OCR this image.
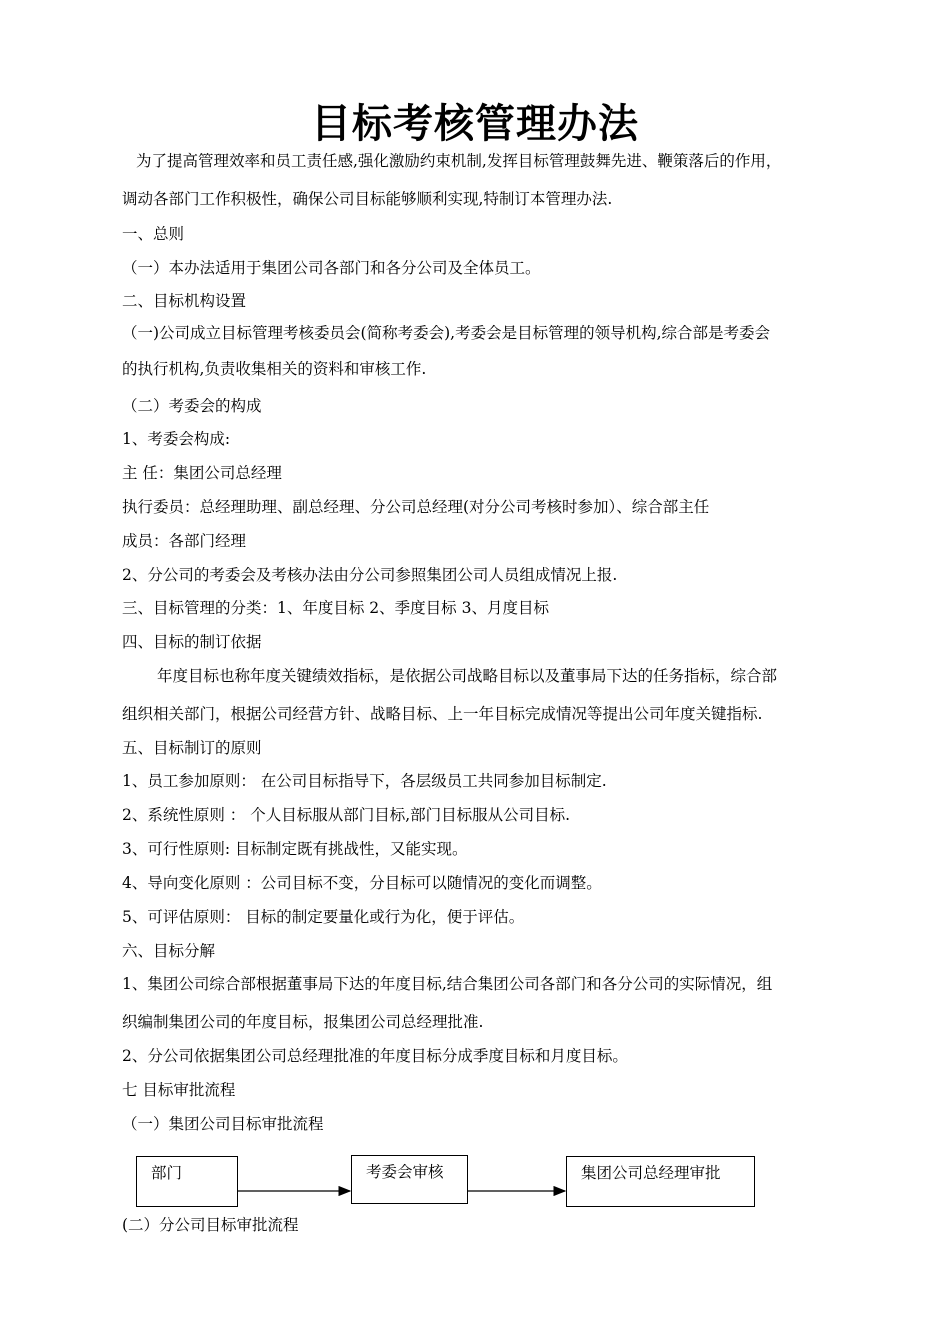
目标考核管理办法

为了提高管理效率和员工责任感,强化激励约束机制,发挥目标管理鼓舞先进、鞭策落后的作用，

调动各部门工作积极性，确保公司目标能够顺利实现,特制订本管理办法.

一、总则

（一）本办法适用于集团公司各部门和各分公司及全体员工。

二、目标机构设置

（一)公司成立目标管理考核委员会(简称考委会),考委会是目标管理的领导机构,综合部是考委会

的执行机构,负责收集相关的资料和审核工作.

（二）考委会的构成

1、考委会构成:

主 任：集团公司总经理

执行委员：总经理助理、副总经理、分公司总经理(对分公司考核时参加）、综合部主任

成员：各部门经理

2、分公司的考委会及考核办法由分公司参照集团公司人员组成情况上报.

三、目标管理的分类：1、年度目标 2、季度目标 3、月度目标

四、目标的制订依据

年度目标也称年度关键绩效指标，是依据公司战略目标以及董事局下达的任务指标，综合部

组织相关部门，根据公司经营方针、战略目标、上一年目标完成情况等提出公司年度关键指标.

五、目标制订的原则

1、员工参加原则： 在公司目标指导下，各层级员工共同参加目标制定.

2、系统性原则 ： 个人目标服从部门目标,部门目标服从公司目标.

3、可行性原则: 目标制定既有挑战性，又能实现。

4、导向变化原则 ：公司目标不变，分目标可以随情况的变化而调整。

5、可评估原则： 目标的制定要量化或行为化，便于评估。

六、目标分解

1、集团公司综合部根据董事局下达的年度目标,结合集团公司各部门和各分公司的实际情况，组

织编制集团公司的年度目标，报集团公司总经理批准.

2、分公司依据集团公司总经理批准的年度目标分成季度目标和月度目标。

七 目标审批流程

（一）集团公司目标审批流程

部门	考委会审核	集团公司总经理审批

(二）分公司目标审批流程
